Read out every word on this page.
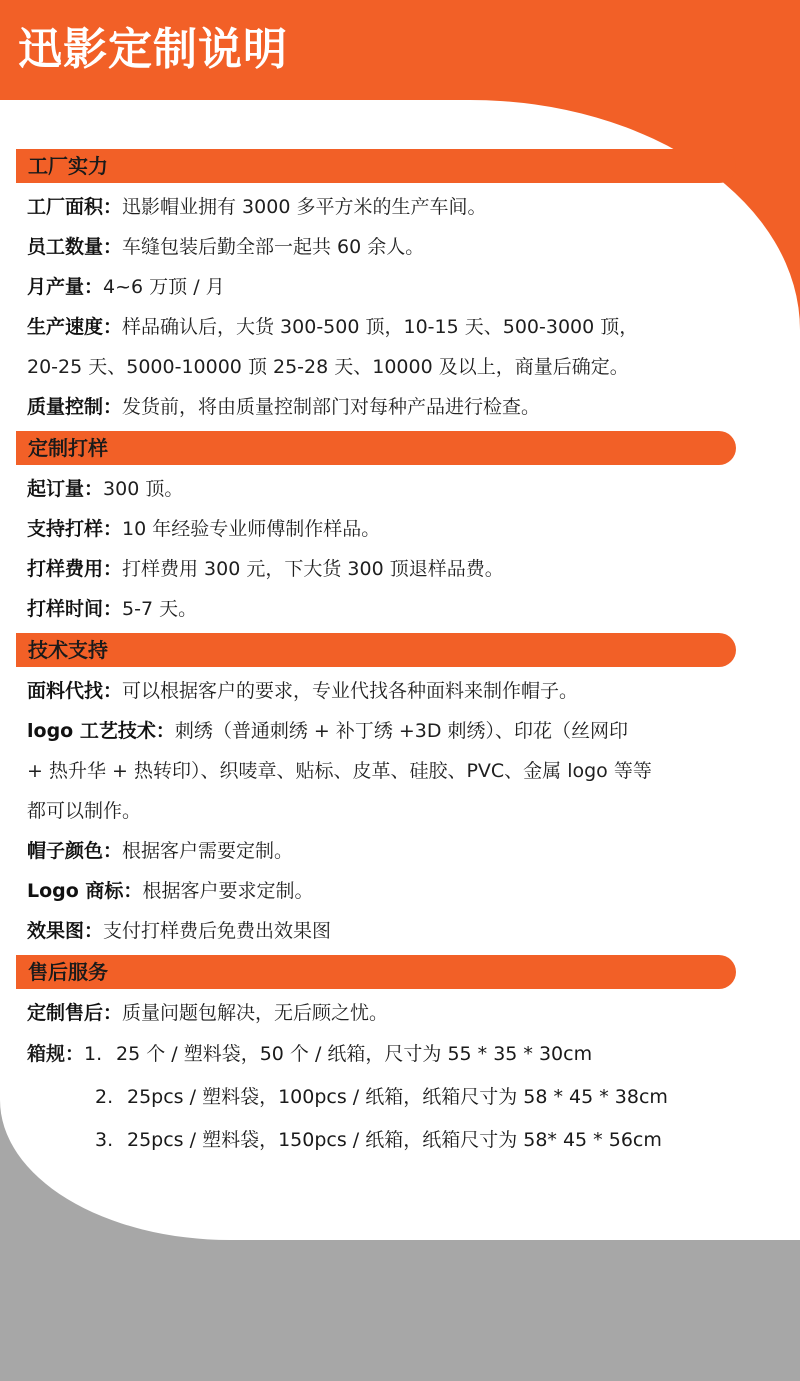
迅影定制说明
工厂实力
工厂面积：迅影帽业拥有 3000 多平方米的生产车间。
员工数量：车缝包装后勤全部一起共 60 余人。
月产量：4~6 万顶 / 月
生产速度：样品确认后，大货 300-500 顶，10-15 天、500-3000 顶，
20-25 天、5000-10000 顶 25-28 天、10000 及以上，商量后确定。
质量控制：发货前，将由质量控制部门对每种产品进行检查。
定制打样
起订量：300 顶。
支持打样：10 年经验专业师傅制作样品。
打样费用：打样费用 300 元，下大货 300 顶退样品费。
打样时间：5-7 天。
技术支持
面料代找：可以根据客户的要求，专业代找各种面料来制作帽子。
logo 工艺技术：刺绣（普通刺绣 + 补丁绣 +3D 刺绣）、印花（丝网印
+ 热升华 + 热转印）、织唛章、贴标、皮革、硅胶、PVC、金属 logo 等等
都可以制作。
帽子颜色：根据客户需要定制。
Logo 商标：根据客户要求定制。
效果图：支付打样费后免费出效果图
售后服务
定制售后：质量问题包解决，无后顾之忧。
箱规：1. 25 个 / 塑料袋，50 个 / 纸箱，尺寸为 55 * 35 * 30cm
2. 25pcs / 塑料袋，100pcs / 纸箱，纸箱尺寸为 58 * 45 * 38cm
3. 25pcs / 塑料袋，150pcs / 纸箱，纸箱尺寸为 58* 45 * 56cm
